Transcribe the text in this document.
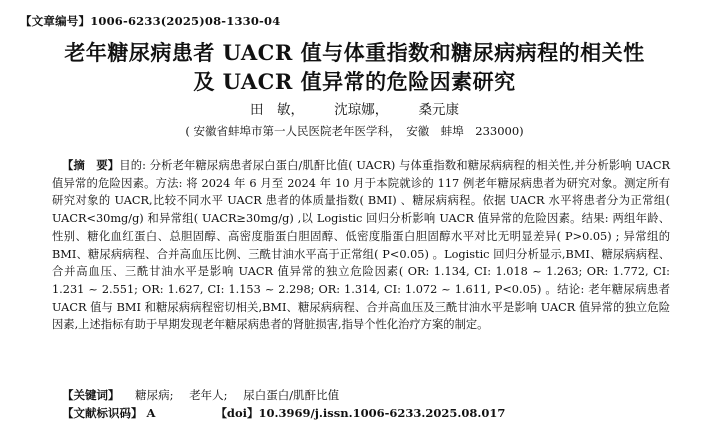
【文章编号】1006-6233(2025)08-1330-04
老年糖尿病患者 UACR 值与体重指数和糖尿病病程的相关性
及 UACR 值异常的危险因素研究
田　敏， 沈琼娜， 桑元康
( 安徽省蚌埠市第一人民医院老年医学科，　安徽　蚌埠　233000)
【摘　要】目的: 分析老年糖尿病患者尿白蛋白/肌酐比值( UACR) 与体重指数和糖尿病病程的相关性,并分析影响 UACR 值异常的危险因素。方法: 将 2024 年 6 月至 2024 年 10 月于本院就诊的 117 例老年糖尿病患者为研究对象。测定所有研究对象的 UACR,比较不同水平 UACR 患者的体质量指数( BMI) 、糖尿病病程。依据 UACR 水平将患者分为正常组( UACR<30mg/g) 和异常组( UACR≥30mg/g) ,以 Logistic 回归分析影响 UACR 值异常的危险因素。结果: 两组年龄、性别、糖化血红蛋白、总胆固醇、高密度脂蛋白胆固醇、低密度脂蛋白胆固醇水平对比无明显差异( P>0.05) ; 异常组的 BMI、糖尿病病程、合并高血压比例、三酰甘油水平高于正常组( P<0.05) 。Logistic 回归分析显示,BMI、糖尿病病程、合并高血压、三酰甘油水平是影响 UACR 值异常的独立危险因素( OR: 1.134, CI: 1.018 ~ 1.263; OR: 1.772, CI: 1.231 ~ 2.551; OR: 1.627, CI: 1.153 ~ 2.298; OR: 1.314, CI: 1.072 ~ 1.611, P<0.05) 。结论: 老年糖尿病患者 UACR 值与 BMI 和糖尿病病程密切相关,BMI、糖尿病病程、合并高血压及三酰甘油水平是影响 UACR 值异常的独立危险因素,上述指标有助于早期发现老年糖尿病患者的肾脏损害,指导个性化治疗方案的制定。
【关键词】 糖尿病; 老年人; 尿白蛋白/肌酐比值
【文献标识码】 A	【doi】10.3969/j.issn.1006-6233.2025.08.017
